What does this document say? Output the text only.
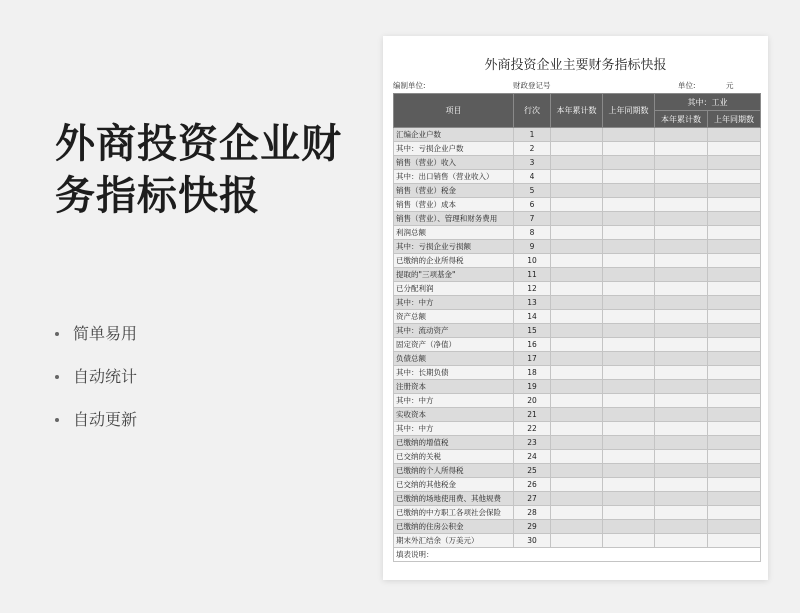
外商投资企业财务指标快报
简单易用
自动统计
自动更新
外商投资企业主要财务指标快报
编制单位:	财政登记号	单位:	元
项目	行次	本年累计数	上年同期数	其中：工业	
				本年累计数	上年同期数
汇编企业户数	1				
其中：亏损企业户数	2				
销售（营业）收入	3				
其中：出口销售（营业收入）	4				
销售（营业）税金	5				
销售（营业）成本	6				
销售（营业）、管理和财务费用	7				
利润总额	8				
其中：亏损企业亏损额	9				
已缴纳的企业所得税	10				
提取的"三项基金"	11				
已分配利润	12				
其中：中方	13				
资产总额	14				
其中：流动资产	15				
固定资产（净值）	16				
负债总额	17				
其中：长期负债	18				
注册资本	19				
其中：中方	20				
实收资本	21				
其中：中方	22				
已缴纳的增值税	23				
已交纳的关税	24				
已缴纳的个人所得税	25				
已交纳的其他税金	26				
已缴纳的场地使用费、其他规费	27				
已缴纳的中方职工各项社会保险	28				
已缴纳的住房公积金	29				
期末外汇结余（万美元）	30				
填表说明：					
